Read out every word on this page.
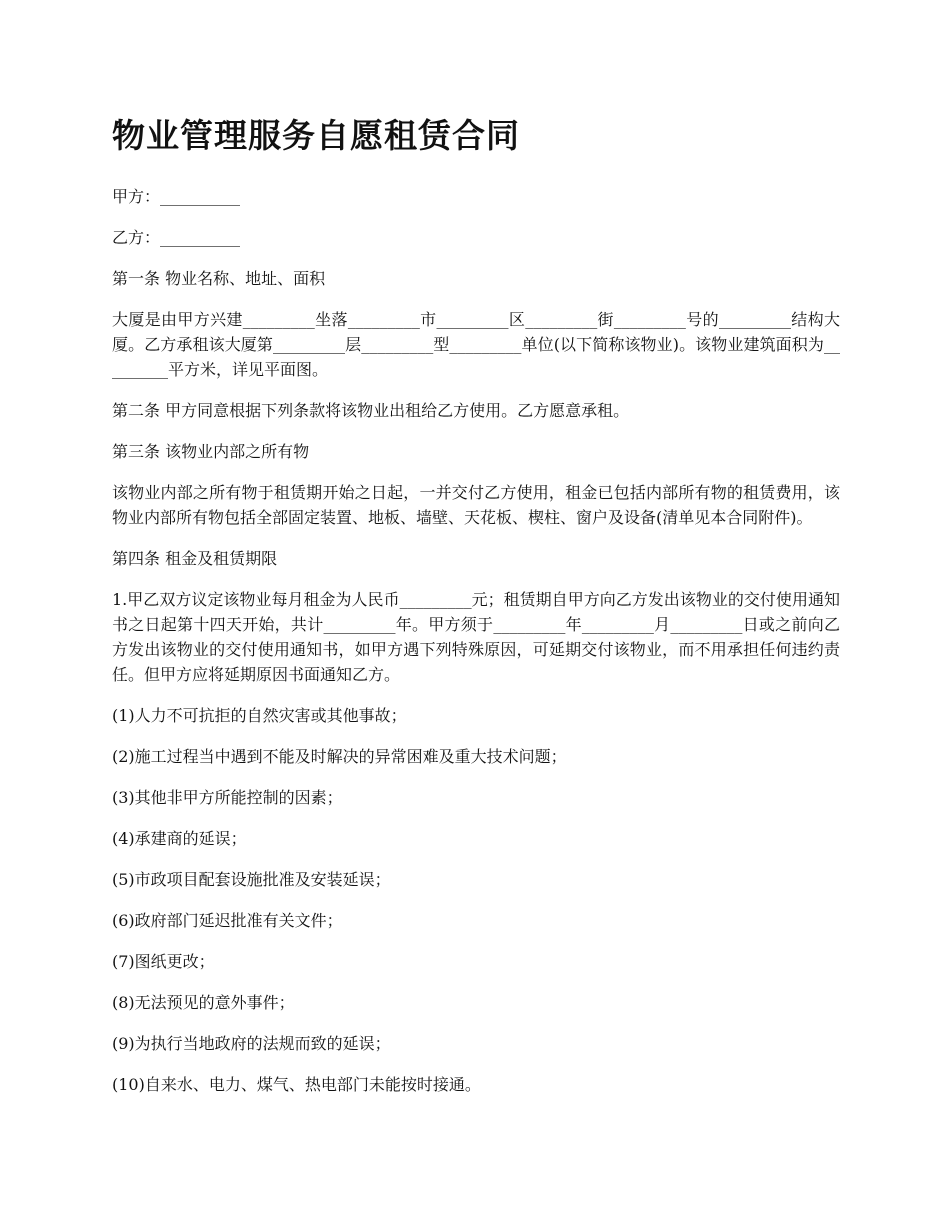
物业管理服务自愿租赁合同

甲方：__________

乙方：__________

第一条 物业名称、地址、面积

大厦是由甲方兴建_________坐落_________市_________区_________街_________号的_________结构大厦。乙方承租该大厦第_________层_________型_________单位(以下简称该物业)。该物业建筑面积为_________平方米，详见平面图。

第二条 甲方同意根据下列条款将该物业出租给乙方使用。乙方愿意承租。

第三条 该物业内部之所有物

该物业内部之所有物于租赁期开始之日起，一并交付乙方使用，租金已包括内部所有物的租赁费用，该物业内部所有物包括全部固定装置、地板、墙壁、天花板、楔柱、窗户及设备(清单见本合同附件)。

第四条 租金及租赁期限

1.甲乙双方议定该物业每月租金为人民币_________元；租赁期自甲方向乙方发出该物业的交付使用通知书之日起第十四天开始，共计_________年。甲方须于_________年_________月_________日或之前向乙方发出该物业的交付使用通知书，如甲方遇下列特殊原因，可延期交付该物业，而不用承担任何违约责任。但甲方应将延期原因书面通知乙方。

(1)人力不可抗拒的自然灾害或其他事故；

(2)施工过程当中遇到不能及时解决的异常困难及重大技术问题；

(3)其他非甲方所能控制的因素；

(4)承建商的延误；

(5)市政项目配套设施批准及安装延误；

(6)政府部门延迟批准有关文件；

(7)图纸更改；

(8)无法预见的意外事件；

(9)为执行当地政府的法规而致的延误；

(10)自来水、电力、煤气、热电部门未能按时接通。
